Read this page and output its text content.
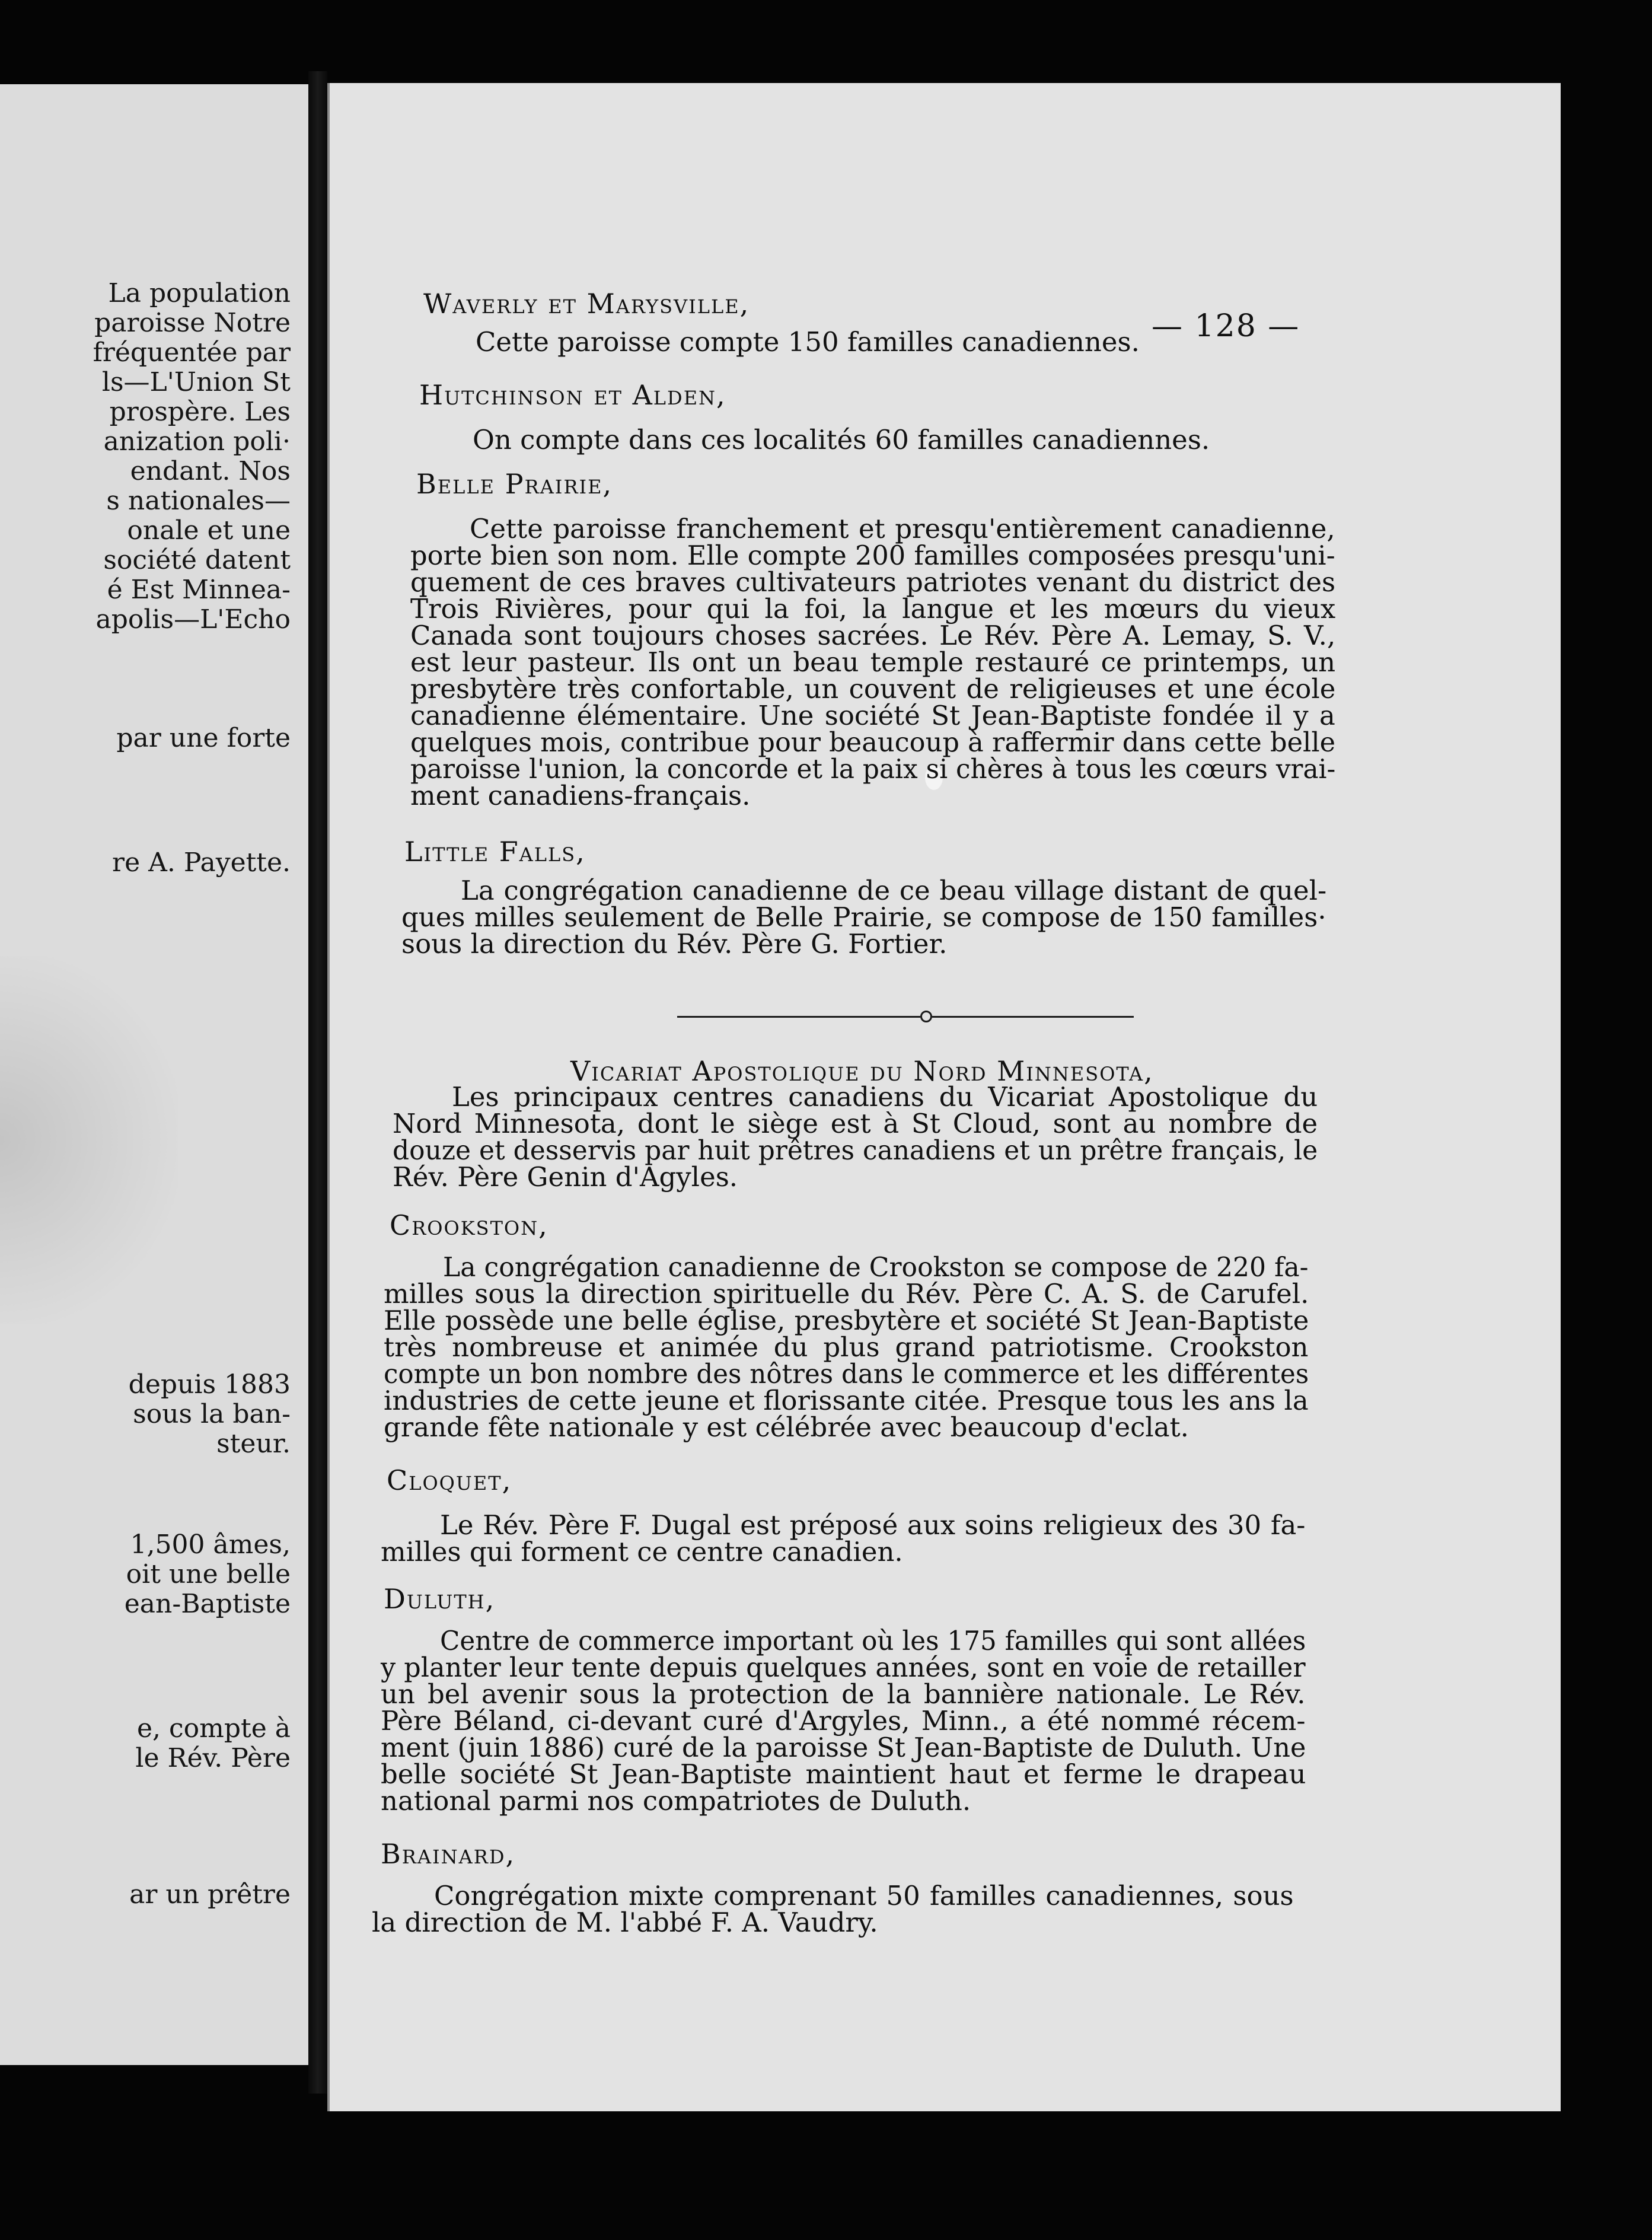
La population
paroisse Notre
fréquentée par
ls—L'Union St
prospère. Les
anization poli·
endant. Nos
s nationales—
onale et une
société datent
é Est Minnea-
apolis—L'Echo
par une forte
re A. Payette.
depuis 1883
sous la ban-
steur.
1,500 âmes,
oit une belle
ean-Baptiste
e, compte à
le Rév. Père
ar un prêtre
— 128 —
Vicariat Apostolique du Nord Minnesota,
Waverly et Marysville,
Cette paroisse compte 150 familles canadiennes.
Hutchinson et Alden,
On compte dans ces localités 60 familles canadiennes.
Belle Prairie,
Cette paroisse franchement et presqu'entièrement canadienne,
porte bien son nom. Elle compte 200 familles composées presqu'uni-
quement de ces braves cultivateurs patriotes venant du district des
Trois Rivières, pour qui la foi, la langue et les mœurs du vieux
Canada sont toujours choses sacrées. Le Rév. Père A. Lemay, S. V.,
est leur pasteur. Ils ont un beau temple restauré ce printemps, un
presbytère très confortable, un couvent de religieuses et une école
canadienne élémentaire. Une société St Jean-Baptiste fondée il y a
quelques mois, contribue pour beaucoup à raffermir dans cette belle
paroisse l'union, la concorde et la paix si chères à tous les cœurs vrai-
ment canadiens-français.
Little Falls,
La congrégation canadienne de ce beau village distant de quel-
ques milles seulement de Belle Prairie, se compose de 150 familles·
sous la direction du Rév. Père G. Fortier.
Les principaux centres canadiens du Vicariat Apostolique du
Nord Minnesota, dont le siège est à St Cloud, sont au nombre de
douze et desservis par huit prêtres canadiens et un prêtre français, le
Rév. Père Genin d'Agyles.
Crookston,
La congrégation canadienne de Crookston se compose de 220 fa-
milles sous la direction spirituelle du Rév. Père C. A. S. de Carufel.
Elle possède une belle église, presbytère et société St Jean-Baptiste
très nombreuse et animée du plus grand patriotisme. Crookston
compte un bon nombre des nôtres dans le commerce et les différentes
industries de cette jeune et florissante citée. Presque tous les ans la
grande fête nationale y est célébrée avec beaucoup d'eclat.
Cloquet,
Le Rév. Père F. Dugal est préposé aux soins religieux des 30 fa-
milles qui forment ce centre canadien.
Duluth,
Centre de commerce important où les 175 familles qui sont allées
y planter leur tente depuis quelques années, sont en voie de retailler
un bel avenir sous la protection de la bannière nationale. Le Rév.
Père Béland, ci-devant curé d'Argyles, Minn., a été nommé récem-
ment (juin 1886) curé de la paroisse St Jean-Baptiste de Duluth. Une
belle société St Jean-Baptiste maintient haut et ferme le drapeau
national parmi nos compatriotes de Duluth.
Brainard,
Congrégation mixte comprenant 50 familles canadiennes, sous
la direction de M. l'abbé F. A. Vaudry.
